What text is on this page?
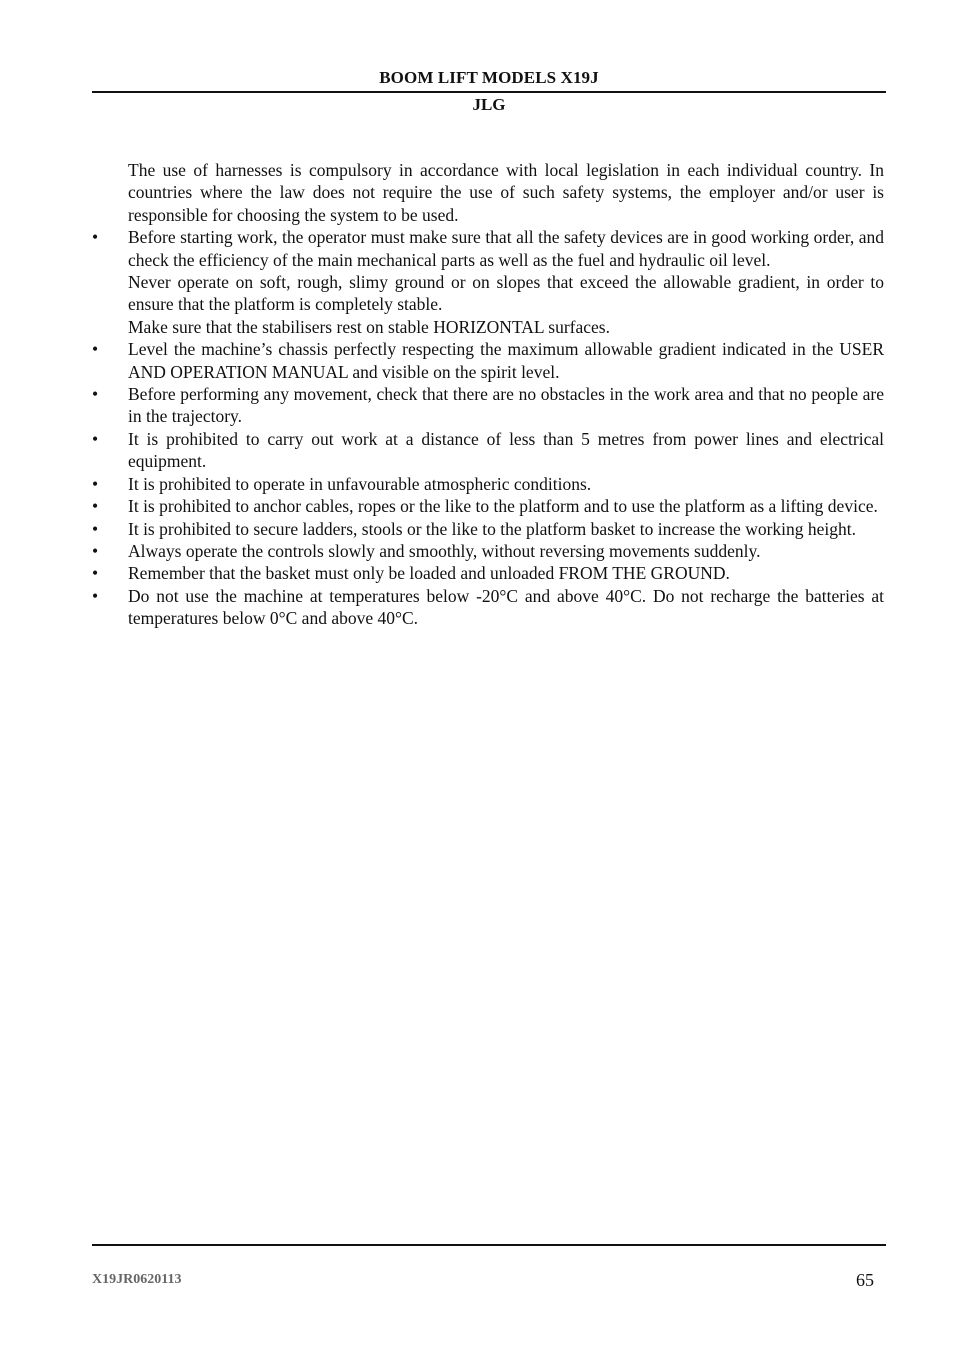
BOOM LIFT MODELS X19J
JLG
The use of harnesses is compulsory in accordance with local legislation in each individual country. In countries where the law does not require the use of such safety systems, the employer and/or user is responsible for choosing the system to be used.
•	Before starting work, the operator must make sure that all the safety devices are in good working order, and check the efficiency of the main mechanical parts as well as the fuel and hydraulic oil level.
Never operate on soft, rough, slimy ground or on slopes that exceed the allowable gradient, in order to ensure that the platform is completely stable.
Make sure that the stabilisers rest on stable HORIZONTAL surfaces.
•	Level the machine’s chassis perfectly respecting the maximum allowable gradient indicated in the USER AND OPERATION MANUAL and visible on the spirit level.
•	Before performing any movement, check that there are no obstacles in the work area and that no people are in the trajectory.
•	It is prohibited to carry out work at a distance of less than 5 metres from power lines and electrical equipment.
•	It is prohibited to operate in unfavourable atmospheric conditions.
•	It is prohibited to anchor cables, ropes or the like to the platform and to use the platform as a lifting device.
•	It is prohibited to secure ladders, stools or the like to the platform basket to increase the working height.
•	Always operate the controls slowly and smoothly, without reversing movements suddenly.
•	Remember that the basket must only be loaded and unloaded FROM THE GROUND.
•	Do not use the machine at temperatures below -20°C and above 40°C. Do not recharge the batteries at temperatures below 0°C and above 40°C.
X19JR0620113	65
